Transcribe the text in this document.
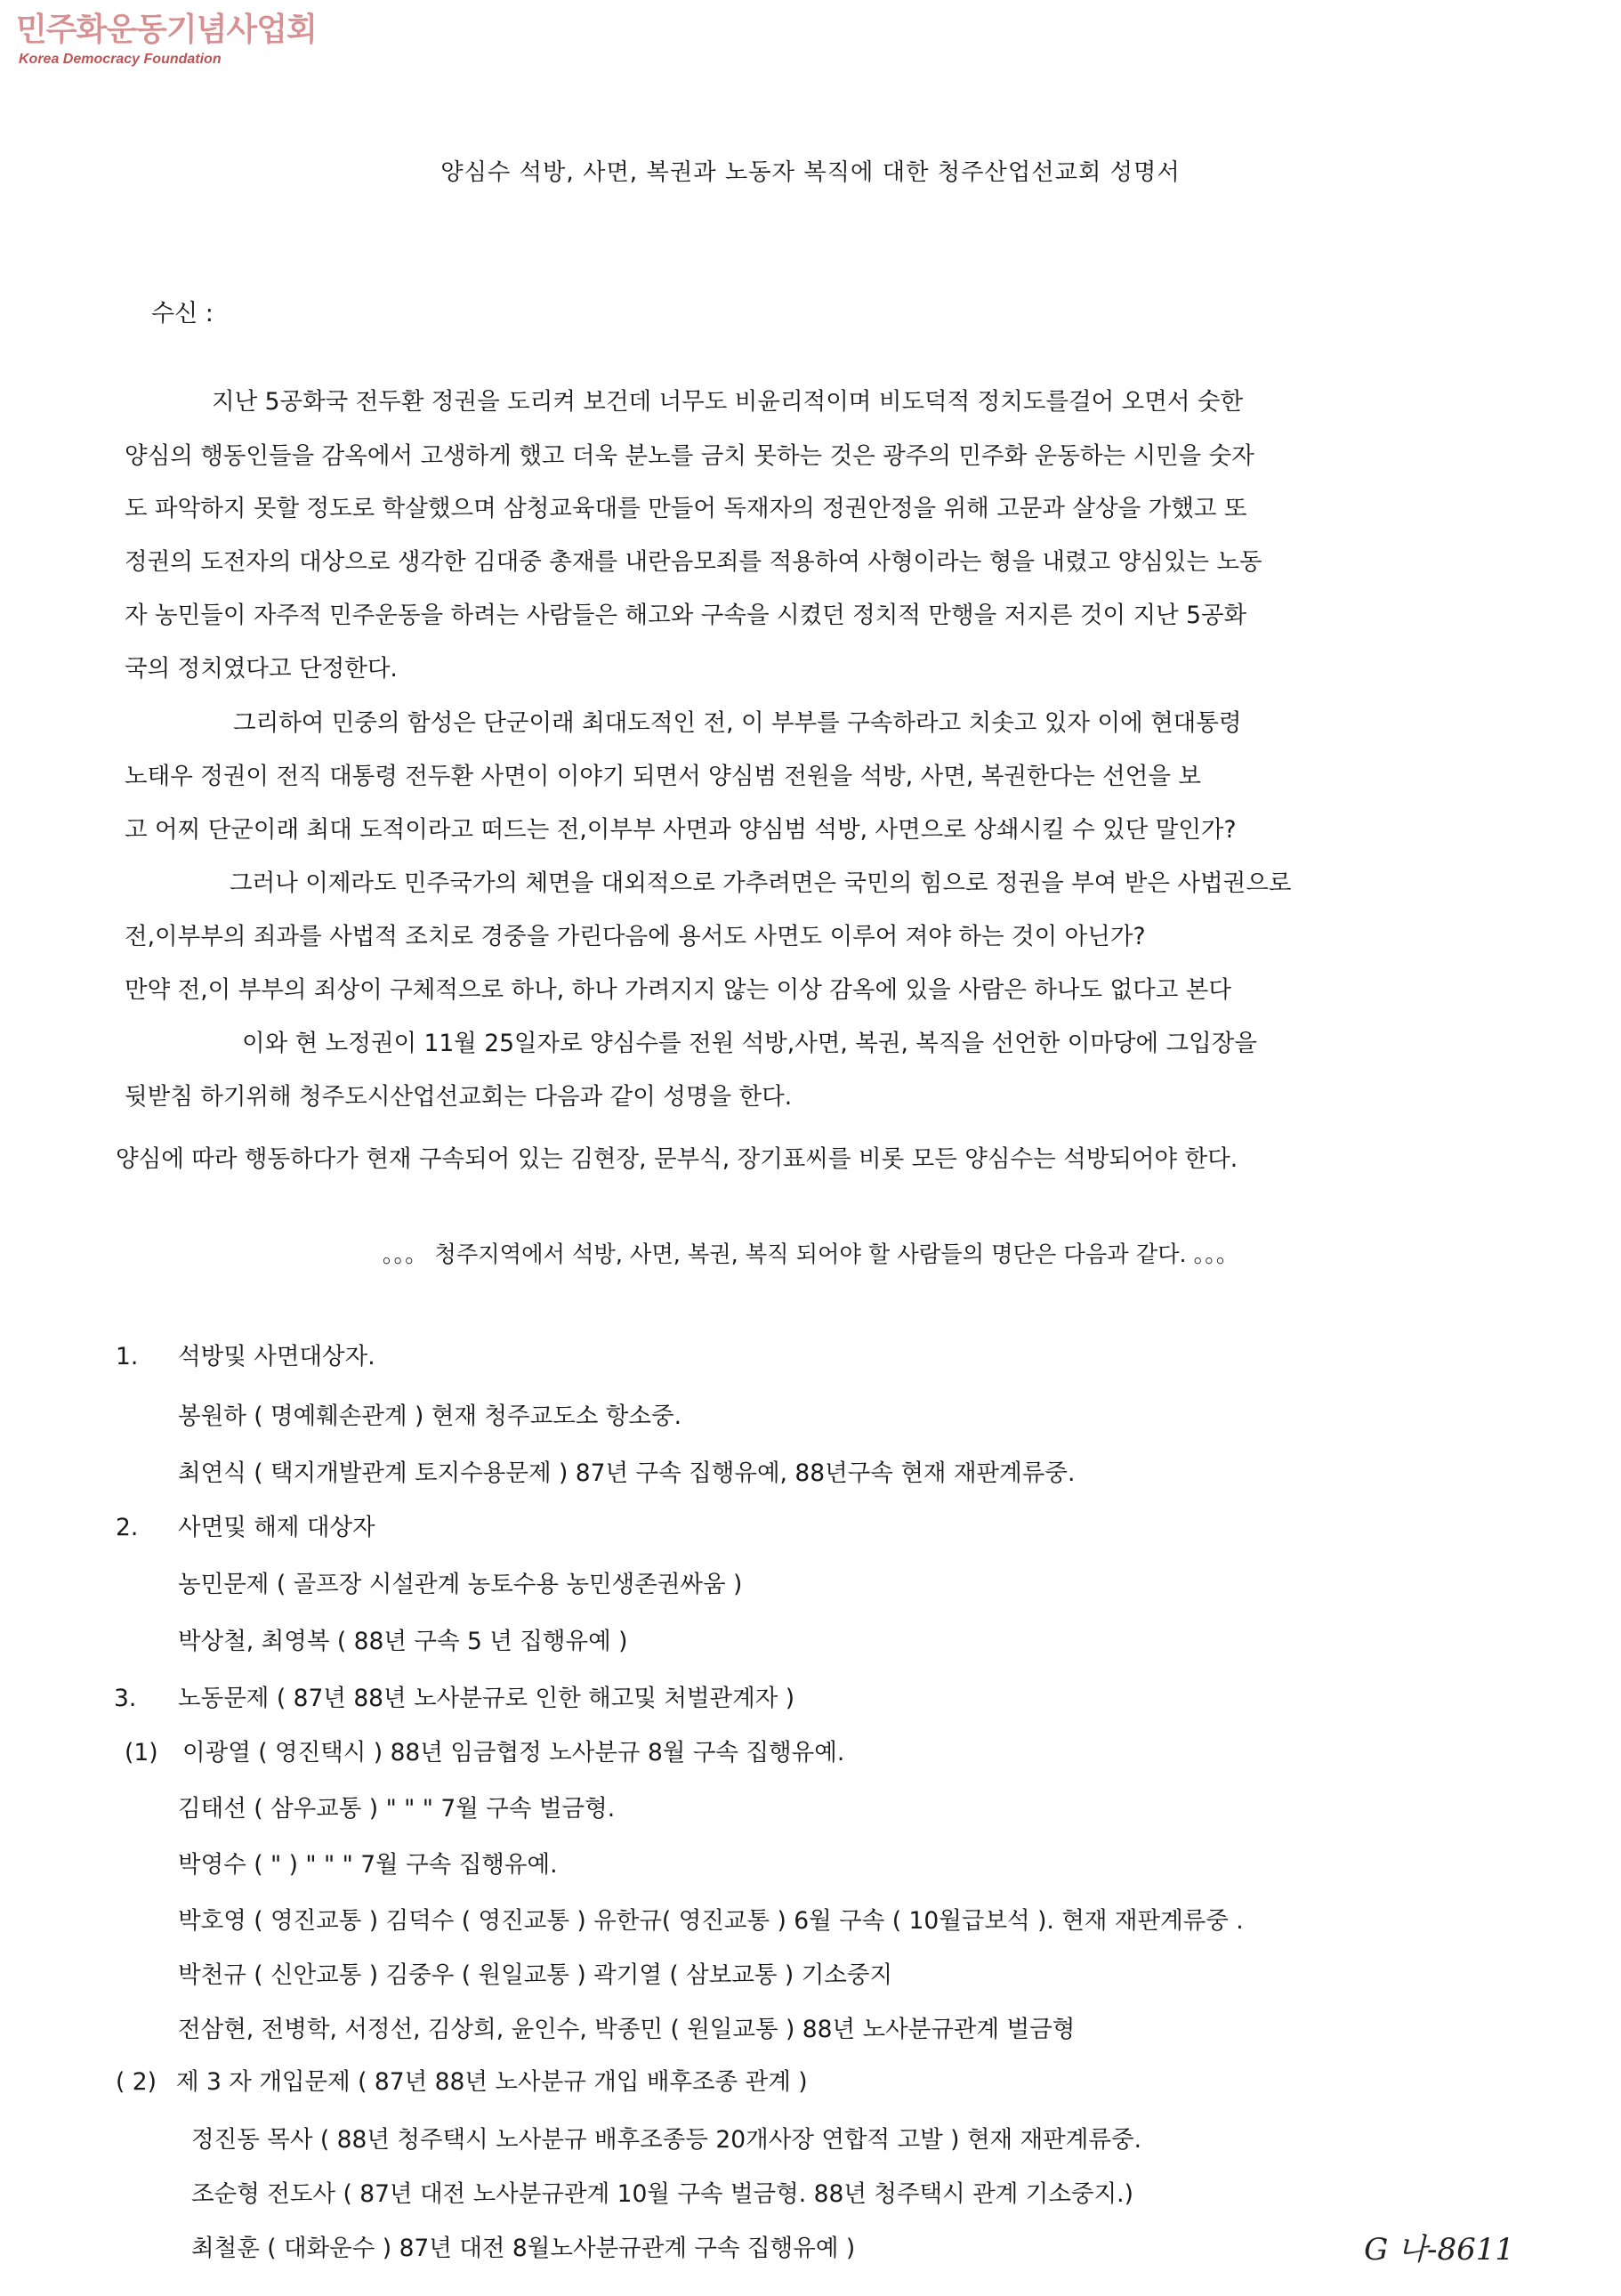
민주화운동기념사업회
Korea Democracy Foundation
양심수 석방, 사면, 복권과 노동자 복직에 대한 청주산업선교회 성명서
수신 :
지난 5공화국 전두환 정권을 도리켜 보건데 너무도 비윤리적이며 비도덕적 정치도를걸어 오면서 숫한
양심의 행동인들을 감옥에서 고생하게 했고 더욱 분노를 금치 못하는 것은 광주의 민주화 운동하는 시민을 숫자
도 파악하지 못할 정도로 학살했으며 삼청교육대를 만들어 독재자의 정권안정을 위해 고문과 살상을 가했고 또
정권의 도전자의 대상으로 생각한 김대중 총재를 내란음모죄를 적용하여 사형이라는 형을 내렸고 양심있는 노동
자 농민들이 자주적 민주운동을 하려는 사람들은 해고와 구속을 시켰던 정치적 만행을 저지른 것이 지난 5공화
국의 정치였다고 단정한다.
그리하여 민중의 함성은 단군이래 최대도적인 전, 이 부부를 구속하라고 치솟고 있자 이에 현대통령
노태우 정권이 전직 대통령 전두환 사면이 이야기 되면서 양심범 전원을 석방, 사면, 복권한다는 선언을 보
고 어찌 단군이래 최대 도적이라고 떠드는 전,이부부 사면과 양심범 석방, 사면으로 상쇄시킬 수 있단 말인가?
그러나 이제라도 민주국가의 체면을 대외적으로 가추려면은 국민의 힘으로 정권을 부여 받은 사법권으로
전,이부부의 죄과를 사법적 조치로 경중을 가린다음에 용서도 사면도 이루어 져야 하는 것이 아닌가?
만약 전,이 부부의 죄상이 구체적으로 하나, 하나 가려지지 않는 이상 감옥에 있을 사람은 하나도 없다고 본다
이와 현 노정권이 11월 25일자로 양심수를 전원 석방,사면, 복권, 복직을 선언한 이마당에 그입장을
뒷받침 하기위해 청주도시산업선교회는 다음과 같이 성명을 한다.
양심에 따라 행동하다가 현재 구속되어 있는 김현장, 문부식, 장기표씨를 비롯 모든 양심수는 석방되어야 한다.
。。。 청주지역에서 석방, 사면, 복권, 복직 되어야 할 사람들의 명단은 다음과 같다. 。。。
1. 석방및 사면대상자.
봉원하 ( 명예훼손관계 ) 현재 청주교도소 항소중.
최연식 ( 택지개발관계 토지수용문제 ) 87년 구속 집행유예, 88년구속 현재 재판계류중.
2. 사면및 해제 대상자
농민문제 ( 골프장 시설관계 농토수용 농민생존권싸움 )
박상철, 최영복 ( 88년 구속 5 년 집행유예 )
3. 노동문제 ( 87년 88년 노사분규로 인한 해고및 처벌관계자 )
(1) 이광열 ( 영진택시 ) 88년 임금협정 노사분규 8월 구속 집행유예.
김태선 ( 삼우교통 ) " " " 7월 구속 벌금형.
박영수 ( " ) " " " 7월 구속 집행유예.
박호영 ( 영진교통 ) 김덕수 ( 영진교통 ) 유한규( 영진교통 ) 6월 구속 ( 10월급보석 ). 현재 재판계류중 .
박천규 ( 신안교통 ) 김중우 ( 원일교통 ) 곽기열 ( 삼보교통 ) 기소중지
전삼현, 전병학, 서정선, 김상희, 윤인수, 박종민 ( 원일교통 ) 88년 노사분규관계 벌금형
( 2) 제 3 자 개입문제 ( 87년 88년 노사분규 개입 배후조종 관계 )
정진동 목사 ( 88년 청주택시 노사분규 배후조종등 20개사장 연합적 고발 ) 현재 재판계류중.
조순형 전도사 ( 87년 대전 노사분규관계 10월 구속 벌금형. 88년 청주택시 관계 기소중지.)
최철훈 ( 대화운수 ) 87년 대전 8월노사분규관계 구속 집행유예 )	G 나-8611
